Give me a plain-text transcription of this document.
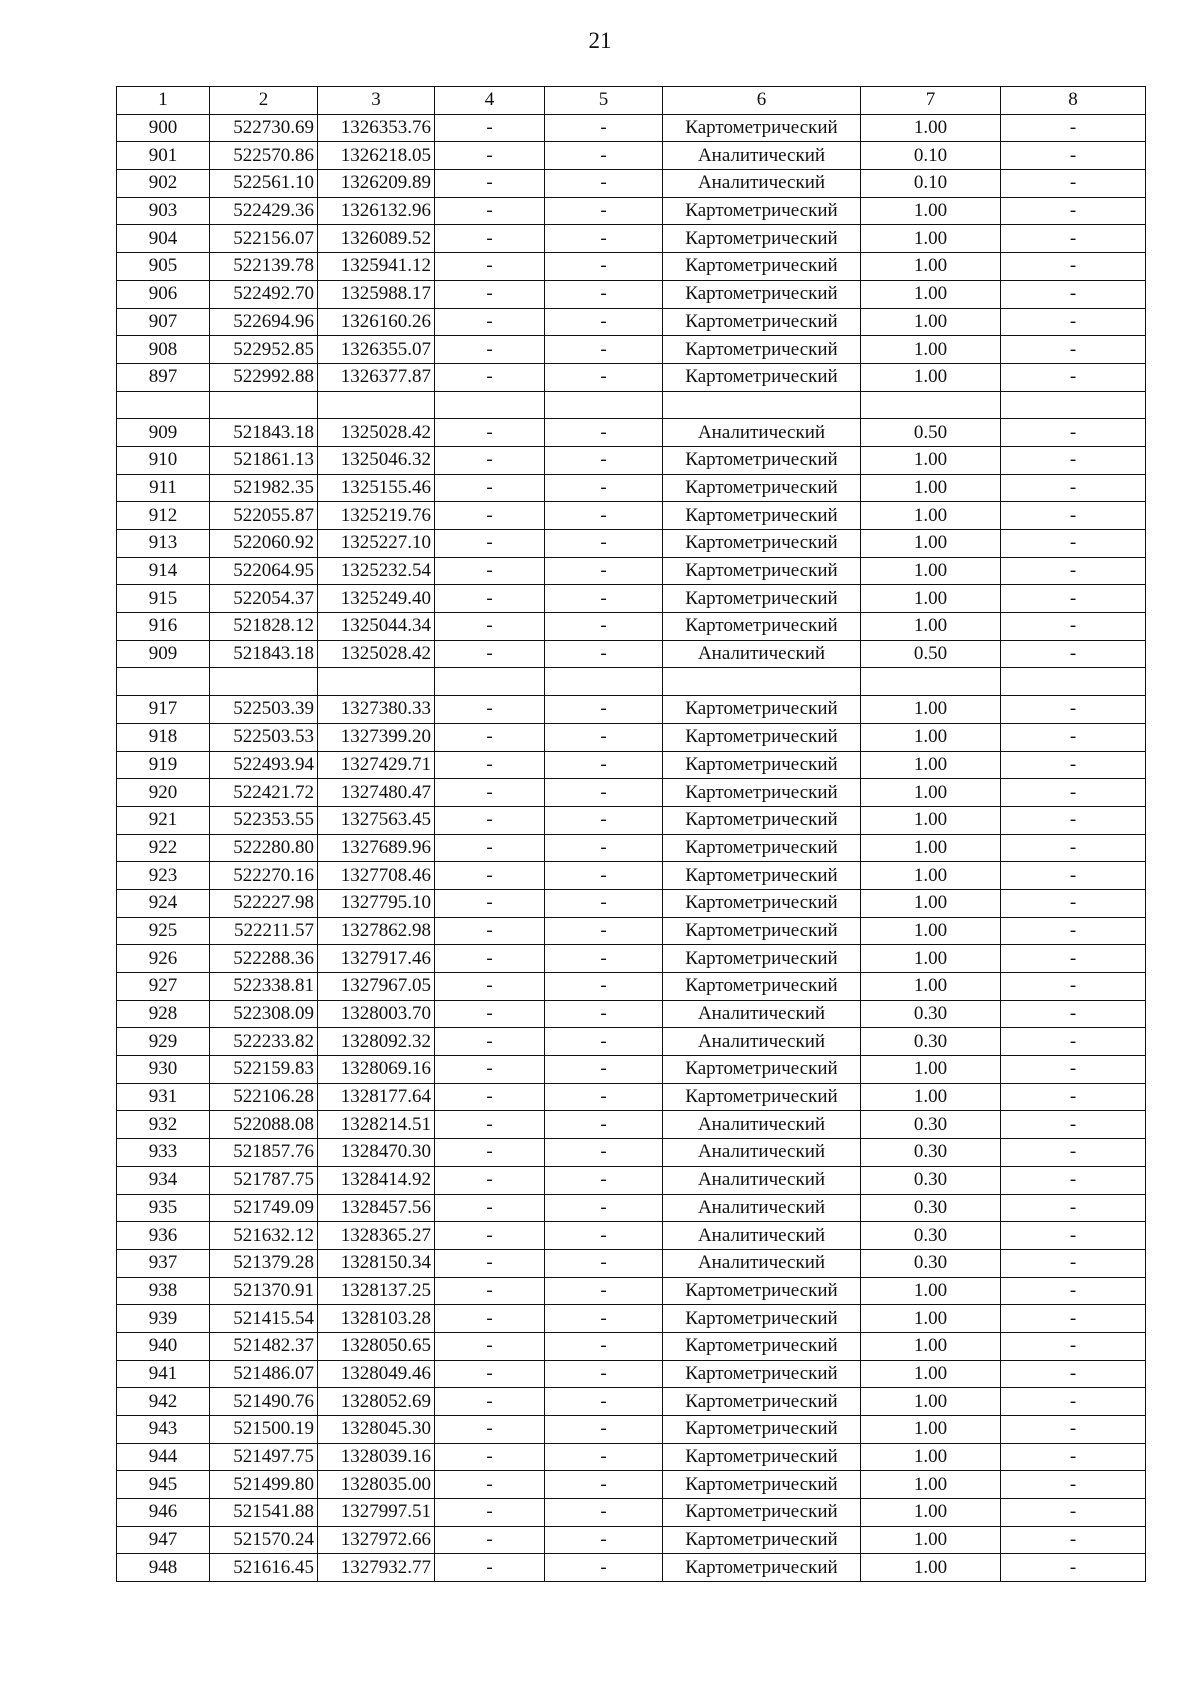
21
1	2	3	4	5	6	7	8
900	522730.69	1326353.76	-	-	Картометрический	1.00	-
901	522570.86	1326218.05	-	-	Аналитический	0.10	-
902	522561.10	1326209.89	-	-	Аналитический	0.10	-
903	522429.36	1326132.96	-	-	Картометрический	1.00	-
904	522156.07	1326089.52	-	-	Картометрический	1.00	-
905	522139.78	1325941.12	-	-	Картометрический	1.00	-
906	522492.70	1325988.17	-	-	Картометрический	1.00	-
907	522694.96	1326160.26	-	-	Картометрический	1.00	-
908	522952.85	1326355.07	-	-	Картометрический	1.00	-
897	522992.88	1326377.87	-	-	Картометрический	1.00	-

909	521843.18	1325028.42	-	-	Аналитический	0.50	-
910	521861.13	1325046.32	-	-	Картометрический	1.00	-
911	521982.35	1325155.46	-	-	Картометрический	1.00	-
912	522055.87	1325219.76	-	-	Картометрический	1.00	-
913	522060.92	1325227.10	-	-	Картометрический	1.00	-
914	522064.95	1325232.54	-	-	Картометрический	1.00	-
915	522054.37	1325249.40	-	-	Картометрический	1.00	-
916	521828.12	1325044.34	-	-	Картометрический	1.00	-
909	521843.18	1325028.42	-	-	Аналитический	0.50	-

917	522503.39	1327380.33	-	-	Картометрический	1.00	-
918	522503.53	1327399.20	-	-	Картометрический	1.00	-
919	522493.94	1327429.71	-	-	Картометрический	1.00	-
920	522421.72	1327480.47	-	-	Картометрический	1.00	-
921	522353.55	1327563.45	-	-	Картометрический	1.00	-
922	522280.80	1327689.96	-	-	Картометрический	1.00	-
923	522270.16	1327708.46	-	-	Картометрический	1.00	-
924	522227.98	1327795.10	-	-	Картометрический	1.00	-
925	522211.57	1327862.98	-	-	Картометрический	1.00	-
926	522288.36	1327917.46	-	-	Картометрический	1.00	-
927	522338.81	1327967.05	-	-	Картометрический	1.00	-
928	522308.09	1328003.70	-	-	Аналитический	0.30	-
929	522233.82	1328092.32	-	-	Аналитический	0.30	-
930	522159.83	1328069.16	-	-	Картометрический	1.00	-
931	522106.28	1328177.64	-	-	Картометрический	1.00	-
932	522088.08	1328214.51	-	-	Аналитический	0.30	-
933	521857.76	1328470.30	-	-	Аналитический	0.30	-
934	521787.75	1328414.92	-	-	Аналитический	0.30	-
935	521749.09	1328457.56	-	-	Аналитический	0.30	-
936	521632.12	1328365.27	-	-	Аналитический	0.30	-
937	521379.28	1328150.34	-	-	Аналитический	0.30	-
938	521370.91	1328137.25	-	-	Картометрический	1.00	-
939	521415.54	1328103.28	-	-	Картометрический	1.00	-
940	521482.37	1328050.65	-	-	Картометрический	1.00	-
941	521486.07	1328049.46	-	-	Картометрический	1.00	-
942	521490.76	1328052.69	-	-	Картометрический	1.00	-
943	521500.19	1328045.30	-	-	Картометрический	1.00	-
944	521497.75	1328039.16	-	-	Картометрический	1.00	-
945	521499.80	1328035.00	-	-	Картометрический	1.00	-
946	521541.88	1327997.51	-	-	Картометрический	1.00	-
947	521570.24	1327972.66	-	-	Картометрический	1.00	-
948	521616.45	1327932.77	-	-	Картометрический	1.00	-
